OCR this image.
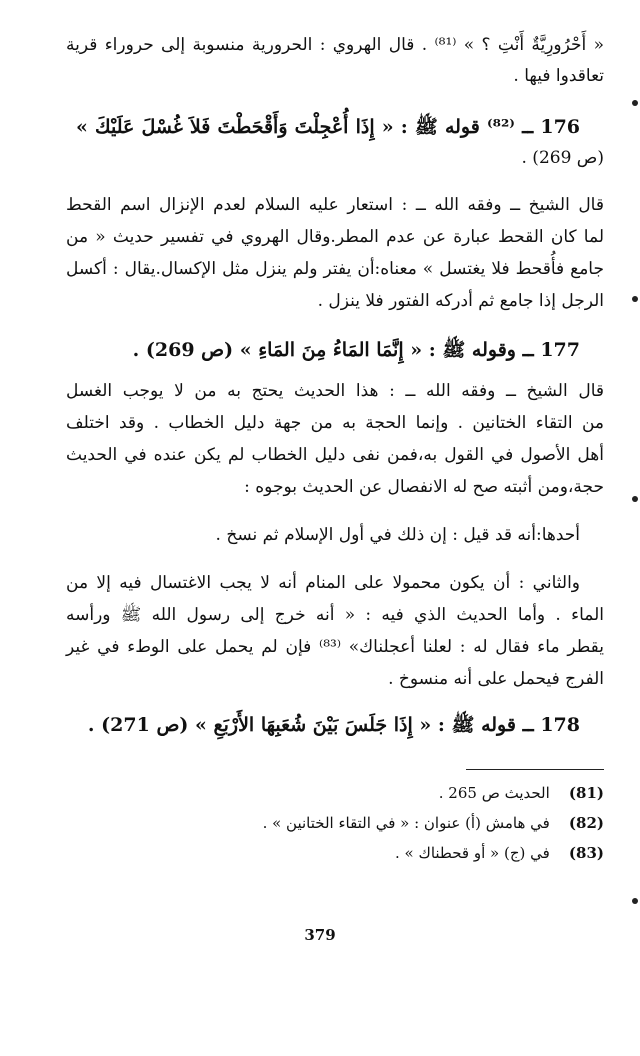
« أَحْرُورِيَّةٌ أَنْتِ ؟ » ⁽⁸¹⁾ . قال الهروي : الحرورية منسوبة إلى حروراء قرية
تعاقدوا فيها .
176 ــ ⁽⁸²⁾ قوله ﷺ : « إِذَا أُعْجِلْتَ وَأَقْحَطْتَ فَلاَ غُسْلَ عَلَيْكَ »
(ص 269) .
قال الشيخ ــ وفقه الله ــ : استعار عليه السلام لعدم الإنزال اسم القحط
لما كان القحط عبارة عن عدم المطر.وقال الهروي في تفسير حديث « من
جامع فأُقحط فلا يغتسل » معناه:أن يفتر ولم ينزل مثل الإكسال.يقال : أكسل
الرجل إذا جامع ثم أدركه الفتور فلا ينزل .
177 ــ وقوله ﷺ : « إِنَّمَا المَاءُ مِنَ المَاءِ » (ص 269) .
قال الشيخ ــ وفقه الله ــ : هذا الحديث يحتج به من لا يوجب الغسل
من التقاء الختانين . وإنما الحجة به من جهة دليل الخطاب . وقد اختلف
أهل الأصول في القول به،فمن نفى دليل الخطاب لم يكن عنده في الحديث
حجة،ومن أثبته صح له الانفصال عن الحديث بوجوه :
أحدها:أنه قد قيل : إن ذلك في أول الإسلام ثم نسخ .
والثاني : أن يكون محمولا على المنام أنه لا يجب الاغتسال فيه إلا من
الماء . وأما الحديث الذي فيه : « أنه خرج إلى رسول الله ﷺ ورأسه
يقطر ماء فقال له : لعلنا أعجلناك» ⁽⁸³⁾ فإن لم يحمل على الوطء في غير
الفرج فيحمل على أنه منسوخ .
178 ــ قوله ﷺ : « إِذَا جَلَسَ بَيْنَ شُعَبِهَا الأَرْبَعِ » (ص 271) .
(81)    الحديث ص 265 .
(82)    في هامش (أ) عنوان : « في التقاء الختانين » .
(83)    في (ج) « أو قحطناك » .
379
